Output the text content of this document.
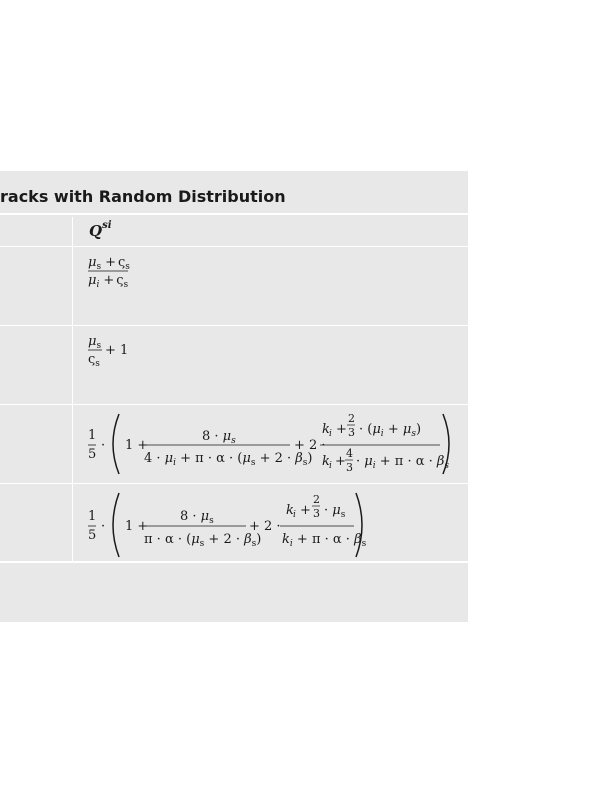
racks with Random Distribution
$Q^{si}$
$\mu_s + \varsigma_s$
$\mu_i + \varsigma_s$
$\mu_s$
$\varsigma_s$
+ 1
1
5
· 1 +
$8 \cdot \mu_s$
$4 \cdot \mu_i + \pi \cdot \alpha \cdot (\mu_s + 2 \cdot \beta_s)$
+ 2 ·
k i +
2
$3 \cdot (\mu_i + \mu_s)$
k i +
4
$3 \cdot \mu_i + \pi \cdot \alpha \cdot \beta_s$
1
5
· 1 +
$8 \cdot \mu_s$
$\pi \cdot \alpha \cdot (\mu_s + 2 \cdot \beta_s)$
+ 2 ·
k i +
2
$3 \cdot \mu_s$
$k_i + \pi \cdot \alpha \cdot \beta_s$
